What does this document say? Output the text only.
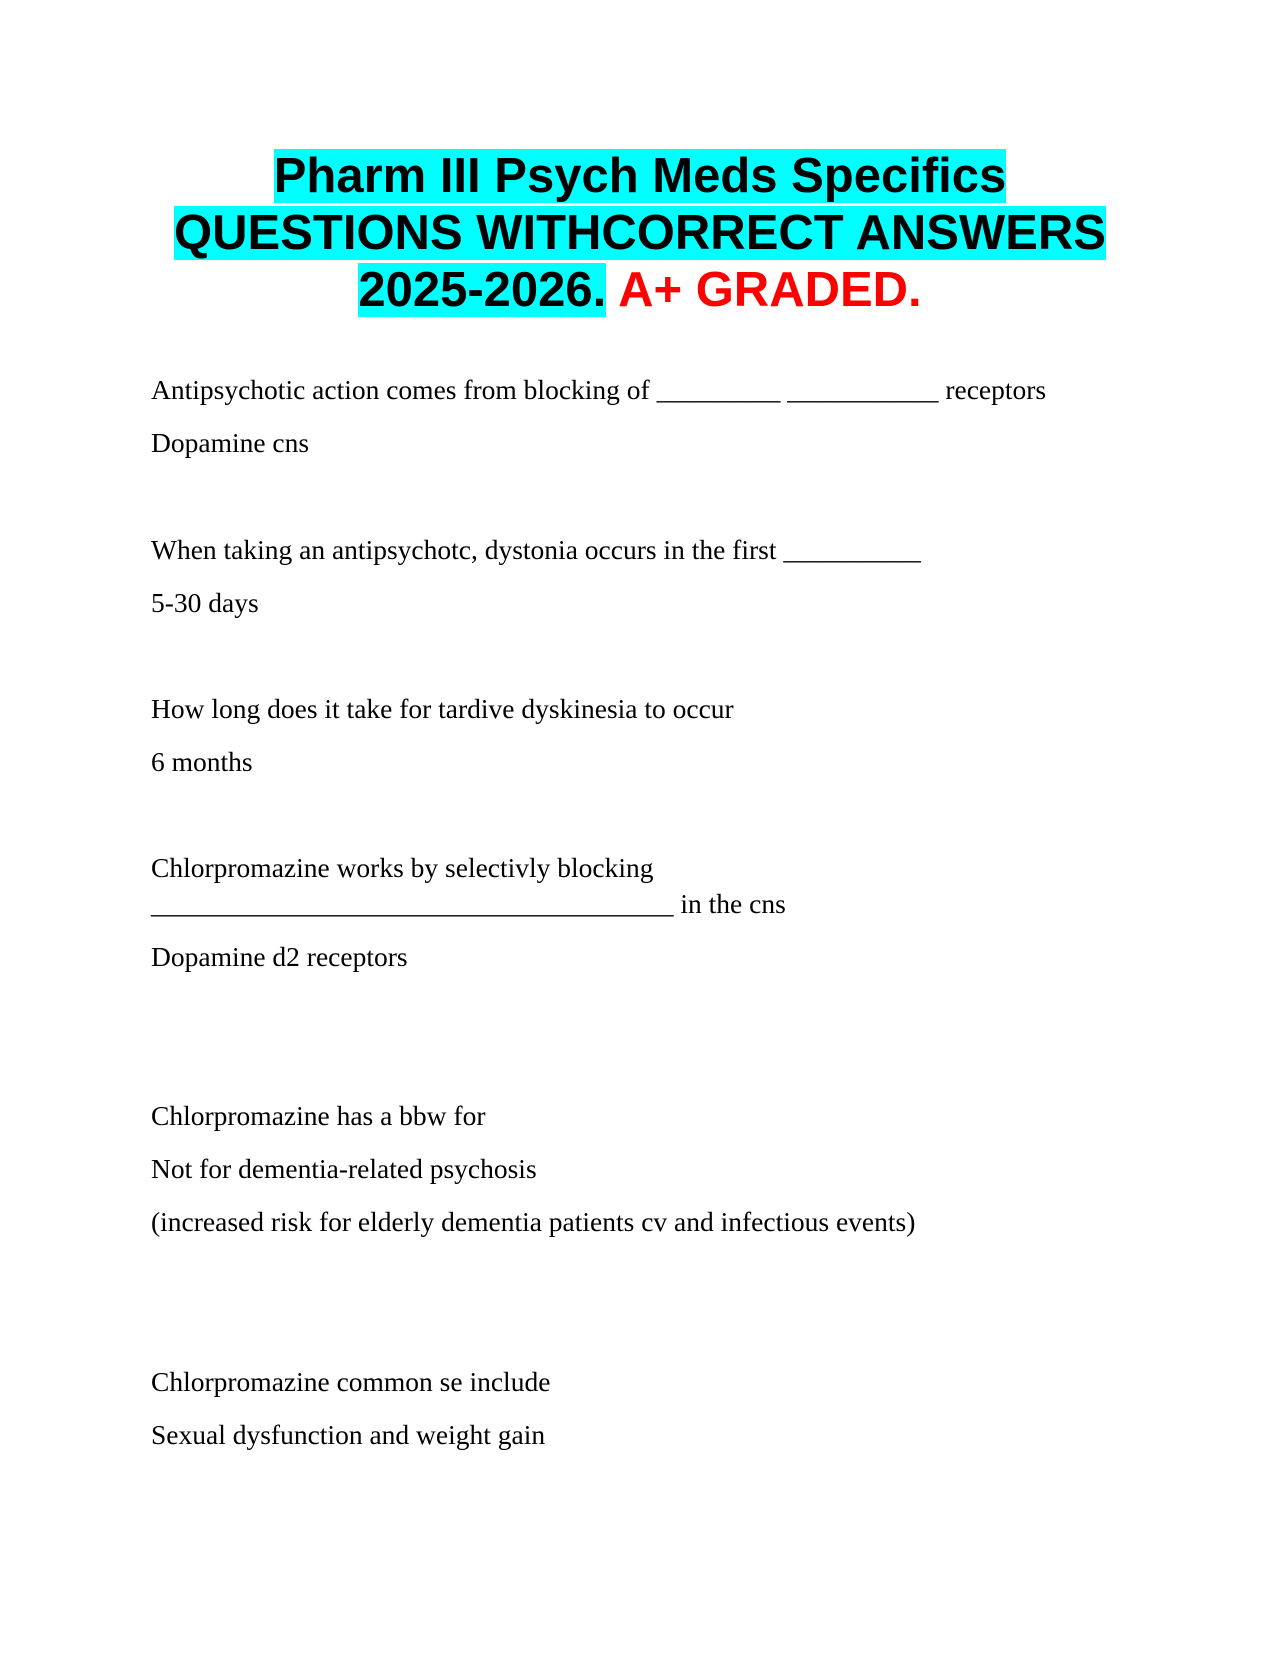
Pharm III Psych Meds Specifics
QUESTIONS WITHCORRECT ANSWERS
2025-2026. A+ GRADED.
Antipsychotic action comes from blocking of _________ ___________ receptors
Dopamine cns
When taking an antipsychotc, dystonia occurs in the first __________
5-30 days
How long does it take for tardive dyskinesia to occur
6 months
Chlorpromazine works by selectivly blocking
______________________________________ in the cns
Dopamine d2 receptors
Chlorpromazine has a bbw for
Not for dementia-related psychosis
(increased risk for elderly dementia patients cv and infectious events)
Chlorpromazine common se include
Sexual dysfunction and weight gain
